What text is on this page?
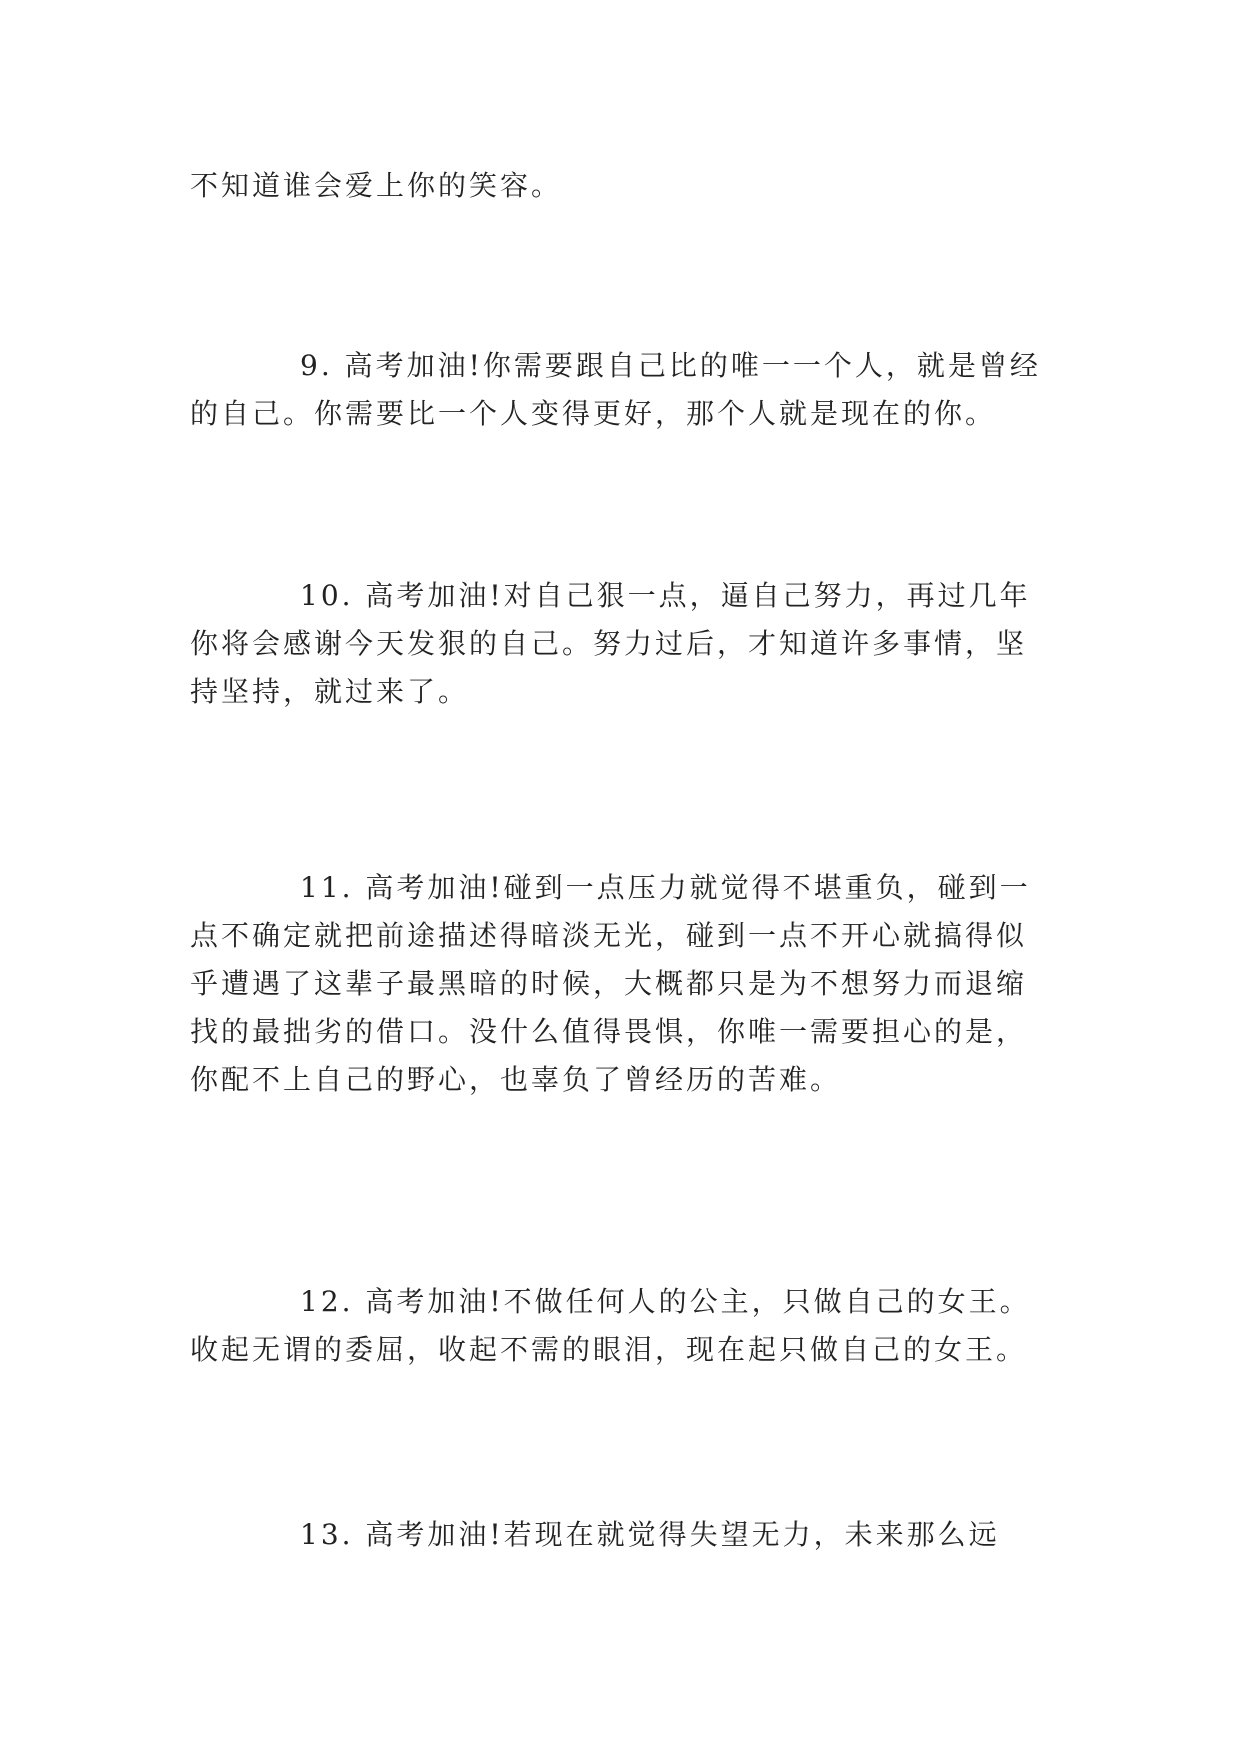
不知道谁会爱上你的笑容。

9. 高考加油!你需要跟自己比的唯一一个人，就是曾经的自己。你需要比一个人变得更好，那个人就是现在的你。

10. 高考加油!对自己狠一点，逼自己努力，再过几年你将会感谢今天发狠的自己。努力过后，才知道许多事情，坚持坚持，就过来了。

11. 高考加油!碰到一点压力就觉得不堪重负，碰到一点不确定就把前途描述得暗淡无光，碰到一点不开心就搞得似乎遭遇了这辈子最黑暗的时候，大概都只是为不想努力而退缩找的最拙劣的借口。没什么值得畏惧，你唯一需要担心的是，你配不上自己的野心，也辜负了曾经历的苦难。

12. 高考加油!不做任何人的公主，只做自己的女王。收起无谓的委屈，收起不需的眼泪，现在起只做自己的女王。

13. 高考加油!若现在就觉得失望无力，未来那么远
